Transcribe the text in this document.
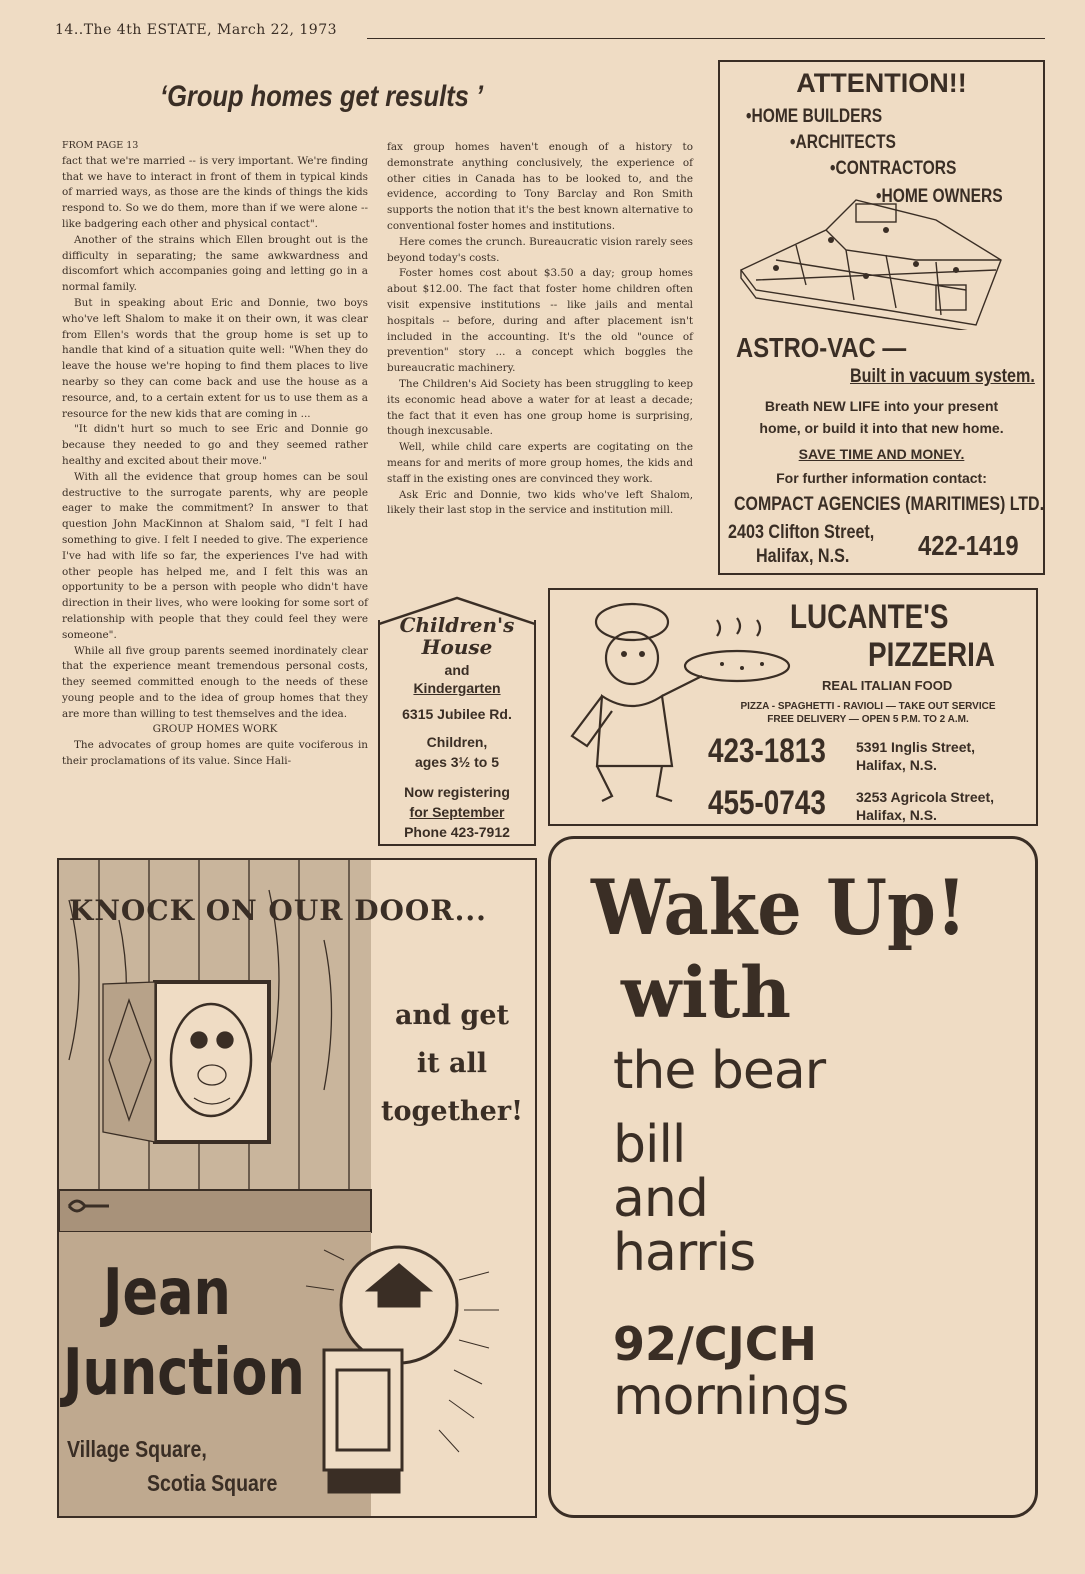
14..The 4th ESTATE, March 22, 1973
‘Group homes get results ’

FROM PAGE 13

fact that we're married -- is very important. We're finding that we have to interact in front of them in typical kinds of married ways, as those are the kinds of things the kids respond to. So we do them, more than if we were alone -- like badgering each other and physical contact".

Another of the strains which Ellen brought out is the difficulty in separating; the same awkwardness and discomfort which accompanies going and letting go in a normal family.

But in speaking about Eric and Donnie, two boys who've left Shalom to make it on their own, it was clear from Ellen's words that the group home is set up to handle that kind of a situation quite well: "When they do leave the house we're hoping to find them places to live nearby so they can come back and use the house as a resource, and, to a certain extent for us to use them as a resource for the new kids that are coming in ...

"It didn't hurt so much to see Eric and Donnie go because they needed to go and they seemed rather healthy and excited about their move."

With all the evidence that group homes can be soul destructive to the surrogate parents, why are people eager to make the commitment? In answer to that question John MacKinnon at Shalom said, "I felt I had something to give. I felt I needed to give. The experience I've had with life so far, the experiences I've had with other people has helped me, and I felt this was an opportunity to be a person with people who didn't have direction in their lives, who were looking for some sort of relationship with people that they could feel they were someone".

While all five group parents seemed inordinately clear that the experience meant tremendous personal costs, they seemed committed enough to the needs of these young people and to the idea of group homes that they are more than willing to test themselves and the idea.

GROUP HOMES WORK

The advocates of group homes are quite vociferous in their proclamations of its value. Since Hali-

fax group homes haven't enough of a history to demonstrate anything conclusively, the experience of other cities in Canada has to be looked to, and the evidence, according to Tony Barclay and Ron Smith supports the notion that it's the best known alternative to conventional foster homes and institutions.

Here comes the crunch. Bureaucratic vision rarely sees beyond today's costs.

Foster homes cost about $3.50 a day; group homes about $12.00. The fact that foster home children often visit expensive institutions -- like jails and mental hospitals -- before, during and after placement isn't included in the accounting. It's the old "ounce of prevention" story ... a concept which boggles the bureaucratic machinery.

The Children's Aid Society has been struggling to keep its economic head above a water for at least a decade; the fact that it even has one group home is surprising, though inexcusable.

Well, while child care experts are cogitating on the means for and merits of more group homes, the kids and staff in the existing ones are convinced they work.

Ask Eric and Donnie, two kids who've left Shalom, likely their last stop in the service and institution mill.

ATTENTION!!
•HOME BUILDERS
•ARCHITECTS
•CONTRACTORS
•HOME OWNERS
ASTRO-VAC —
Built in vacuum system.
Breath NEW LIFE into your present
home, or build it into that new home.
SAVE TIME AND MONEY.
For further information contact:
COMPACT AGENCIES (MARITIMES) LTD.
2403 Clifton Street,
Halifax, N.S. 422-1419
Children's
House
and
Kindergarten
6315 Jubilee Rd.
Children,
ages 3½ to 5
Now registering
for September
Phone 423-7912
LUCANTE'S
PIZZERIA
REAL ITALIAN FOOD
PIZZA - SPAGHETTI - RAVIOLI — TAKE OUT SERVICE
FREE DELIVERY — OPEN 5 P.M. TO 2 A.M.
423-1813 5391 Inglis Street,
Halifax, N.S.
455-0743 3253 Agricola Street,
Halifax, N.S.
KNOCK ON OUR DOOR...
and get
it all
together!
Jean
Junction
Village Square,
Scotia Square
Wake Up!
with
the bear
bill
and
harris
92/CJCH
mornings
